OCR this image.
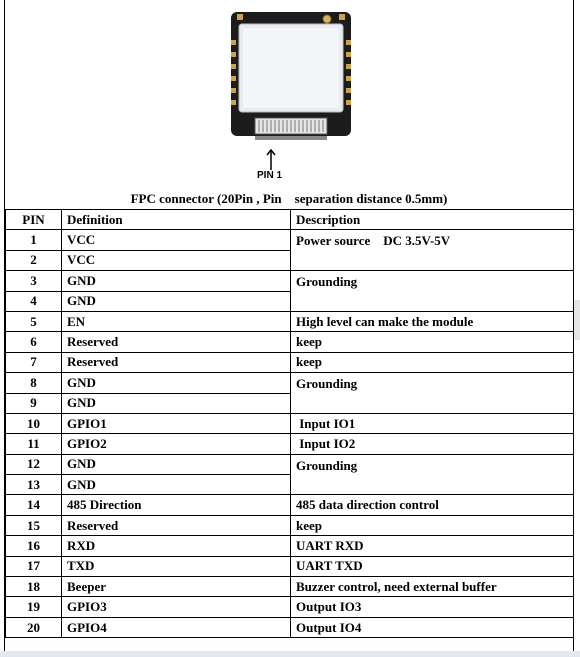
PIN 1
FPC connector (20Pin , Pin    separation distance 0.5mm)
PIN	Definition	Description
1	VCC	Power source    DC 3.5V-5V
2	VCC	
3	GND	Grounding
4	GND	
5	EN	High level can make the module
6	Reserved	keep
7	Reserved	keep
8	GND	Grounding
9	GND	
10	GPIO1	Input IO1
11	GPIO2	Input IO2
12	GND	Grounding
13	GND	
14	485 Direction	485 data direction control
15	Reserved	keep
16	RXD	UART RXD
17	TXD	UART TXD
18	Beeper	Buzzer control, need external buffer
19	GPIO3	Output IO3
20	GPIO4	Output IO4
